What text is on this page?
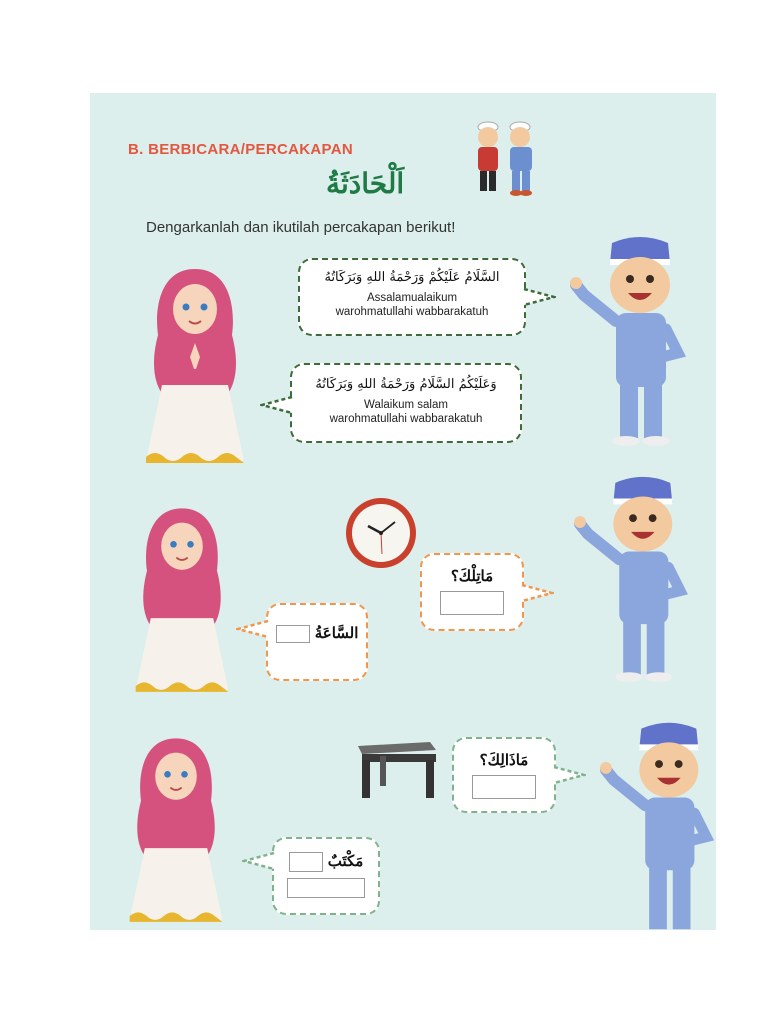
B. BERBICARA/PERCAKAPAN
اَلْحَادَثَةُ
Dengarkanlah dan ikutilah percakapan berikut!
السَّلَامُ عَلَيْكُمْ وَرَحْمَةُ اللهِ وَبَرَكَاتُهُ
Assalamualaikum
warohmatullahi wabbarakatuh
وَعَلَيْكُمُ السَّلَامُ وَرَحْمَةُ اللهِ وَبَرَكَاتُهُ
Walaikum salam
warohmatullahi wabbarakatuh
مَاتِلْكَ؟
السَّاعَةُ
مَاذَالِكَ؟
مَكْتَبٌ
